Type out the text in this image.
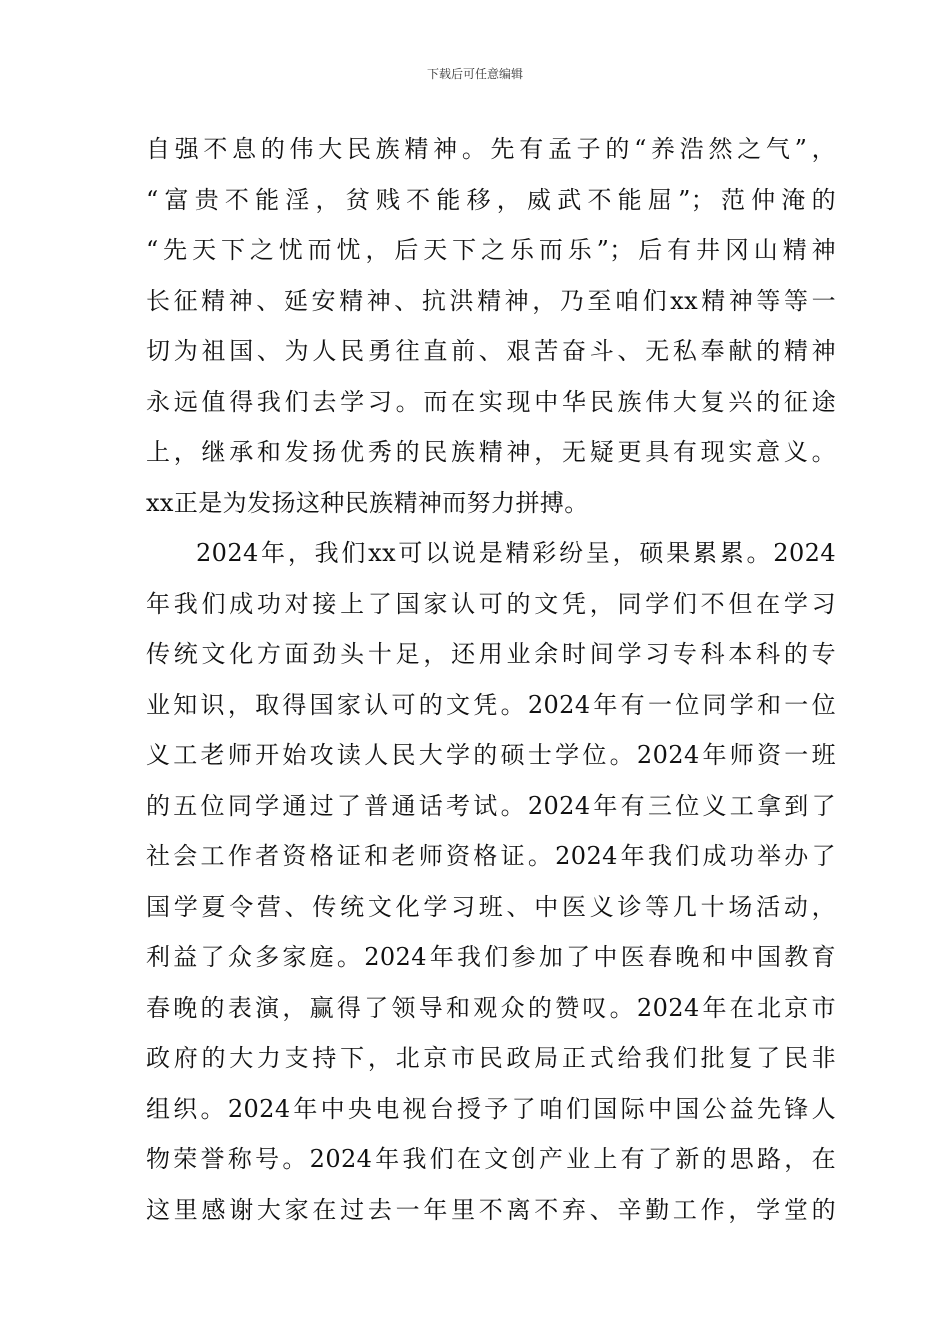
下载后可任意编辑
自强不息的伟大民族精神。先有孟子的“养浩然之气”，
“富贵不能淫，贫贱不能移，威武不能屈”；范仲淹的
“先天下之忧而忧，后天下之乐而乐”；后有井冈山精神
长征精神、延安精神、抗洪精神，乃至咱们xx精神等等一
切为祖国、为人民勇往直前、艰苦奋斗、无私奉献的精神
永远值得我们去学习。而在实现中华民族伟大复兴的征途
上，继承和发扬优秀的民族精神，无疑更具有现实意义。
xx正是为发扬这种民族精神而努力拼搏。
2024年，我们xx可以说是精彩纷呈，硕果累累。2024
年我们成功对接上了国家认可的文凭，同学们不但在学习
传统文化方面劲头十足，还用业余时间学习专科本科的专
业知识，取得国家认可的文凭。2024年有一位同学和一位
义工老师开始攻读人民大学的硕士学位。2024年师资一班
的五位同学通过了普通话考试。2024年有三位义工拿到了
社会工作者资格证和老师资格证。2024年我们成功举办了
国学夏令营、传统文化学习班、中医义诊等几十场活动，
利益了众多家庭。2024年我们参加了中医春晚和中国教育
春晚的表演，赢得了领导和观众的赞叹。2024年在北京市
政府的大力支持下，北京市民政局正式给我们批复了民非
组织。2024年中央电视台授予了咱们国际中国公益先锋人
物荣誉称号。2024年我们在文创产业上有了新的思路，在
这里感谢大家在过去一年里不离不弃、辛勤工作，学堂的
